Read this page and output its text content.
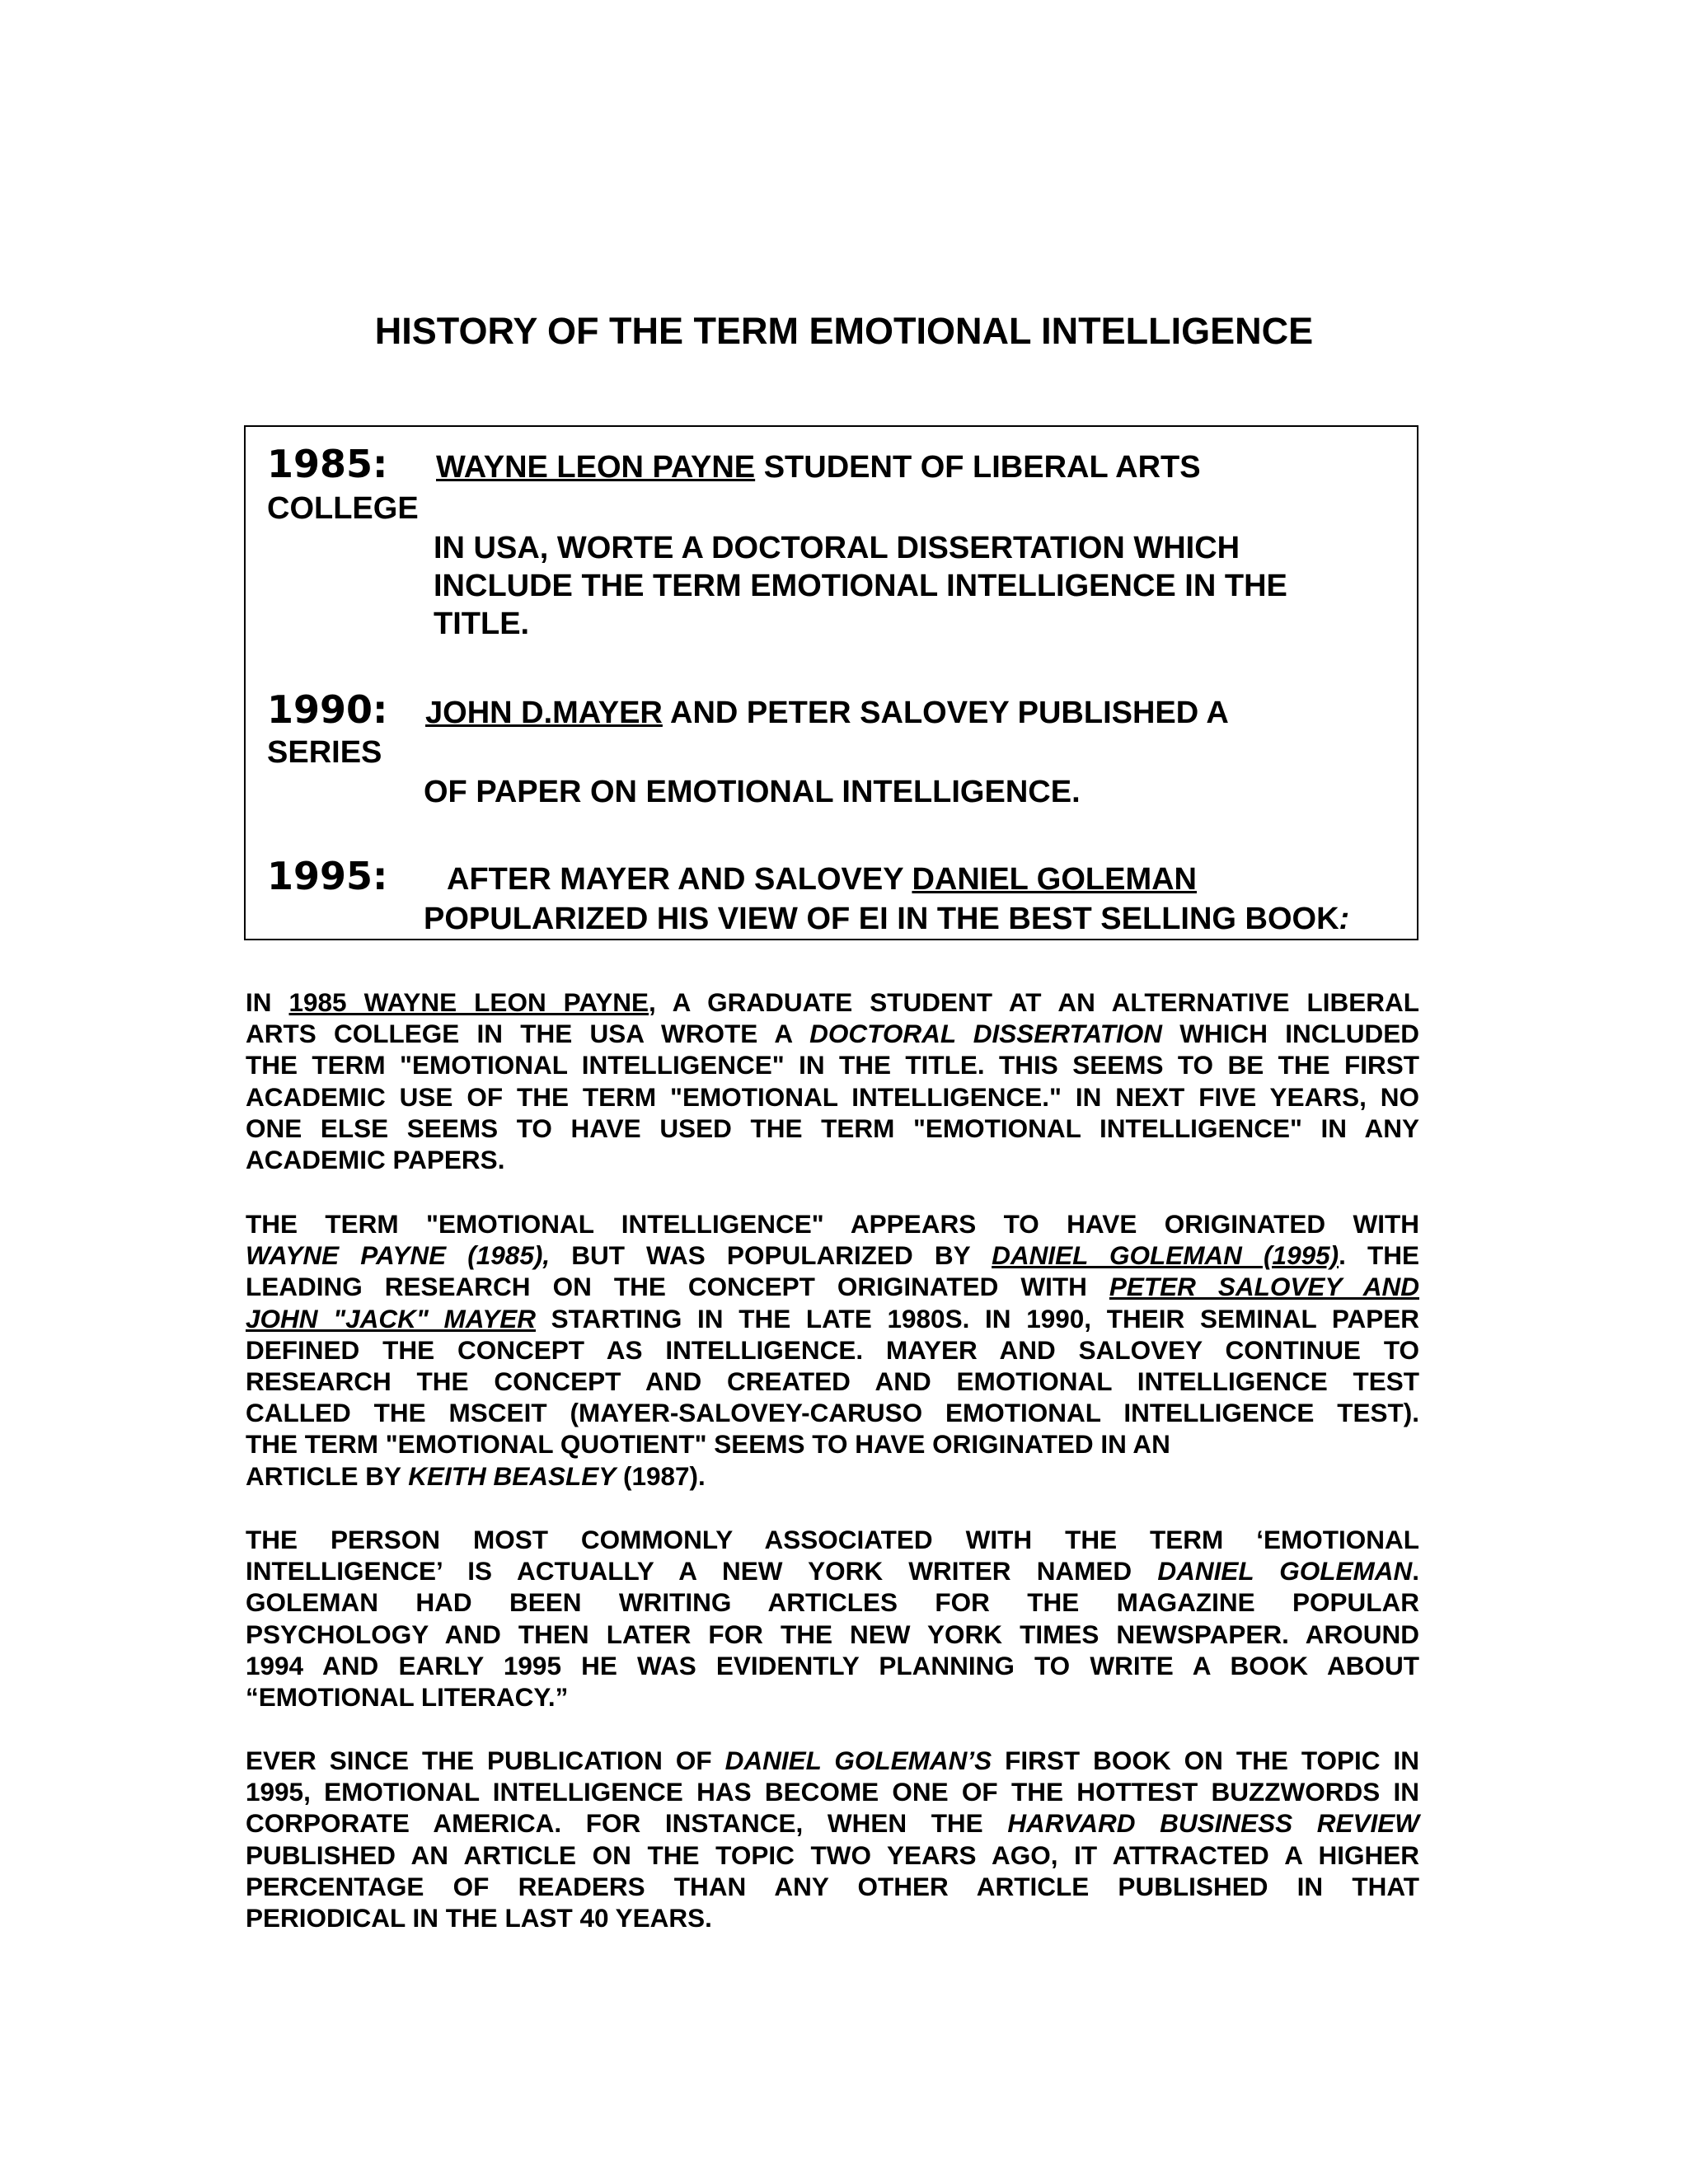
HISTORY OF THE TERM EMOTIONAL INTELLIGENCE
1985: WAYNE LEON PAYNE STUDENT OF LIBERAL ARTS
COLLEGE
IN USA, WORTE A DOCTORAL DISSERTATION WHICH
INCLUDE THE TERM EMOTIONAL INTELLIGENCE IN THE
TITLE.
1990: JOHN D.MAYER AND PETER SALOVEY PUBLISHED A
SERIES
OF PAPER ON EMOTIONAL INTELLIGENCE.
1995: AFTER MAYER AND SALOVEY DANIEL GOLEMAN
POPULARIZED HIS VIEW OF EI IN THE BEST SELLING BOOK:
IN 1985 WAYNE LEON PAYNE, A GRADUATE STUDENT AT AN ALTERNATIVE LIBERAL
ARTS COLLEGE IN THE USA WROTE A DOCTORAL DISSERTATION WHICH INCLUDED
THE TERM "EMOTIONAL INTELLIGENCE" IN THE TITLE. THIS SEEMS TO BE THE FIRST
ACADEMIC USE OF THE TERM "EMOTIONAL INTELLIGENCE." IN NEXT FIVE YEARS, NO
ONE ELSE SEEMS TO HAVE USED THE TERM "EMOTIONAL INTELLIGENCE" IN ANY
ACADEMIC PAPERS.
THE TERM "EMOTIONAL INTELLIGENCE" APPEARS TO HAVE ORIGINATED WITH
WAYNE PAYNE (1985), BUT WAS POPULARIZED BY DANIEL GOLEMAN (1995). THE
LEADING RESEARCH ON THE CONCEPT ORIGINATED WITH PETER SALOVEY AND
JOHN "JACK" MAYER STARTING IN THE LATE 1980S. IN 1990, THEIR SEMINAL PAPER
DEFINED THE CONCEPT AS INTELLIGENCE. MAYER AND SALOVEY CONTINUE TO
RESEARCH THE CONCEPT AND CREATED AND EMOTIONAL INTELLIGENCE TEST
CALLED THE MSCEIT (MAYER-SALOVEY-CARUSO EMOTIONAL INTELLIGENCE TEST).
THE TERM "EMOTIONAL QUOTIENT" SEEMS TO HAVE ORIGINATED IN AN
ARTICLE BY KEITH BEASLEY (1987).
THE PERSON MOST COMMONLY ASSOCIATED WITH THE TERM ‘EMOTIONAL
INTELLIGENCE’ IS ACTUALLY A NEW YORK WRITER NAMED DANIEL GOLEMAN.
GOLEMAN HAD BEEN WRITING ARTICLES FOR THE MAGAZINE POPULAR
PSYCHOLOGY AND THEN LATER FOR THE NEW YORK TIMES NEWSPAPER. AROUND
1994 AND EARLY 1995 HE WAS EVIDENTLY PLANNING TO WRITE A BOOK ABOUT
“EMOTIONAL LITERACY.”
EVER SINCE THE PUBLICATION OF DANIEL GOLEMAN’S FIRST BOOK ON THE TOPIC IN
1995, EMOTIONAL INTELLIGENCE HAS BECOME ONE OF THE HOTTEST BUZZWORDS IN
CORPORATE AMERICA. FOR INSTANCE, WHEN THE HARVARD BUSINESS REVIEW
PUBLISHED AN ARTICLE ON THE TOPIC TWO YEARS AGO, IT ATTRACTED A HIGHER
PERCENTAGE OF READERS THAN ANY OTHER ARTICLE PUBLISHED IN THAT
PERIODICAL IN THE LAST 40 YEARS.
